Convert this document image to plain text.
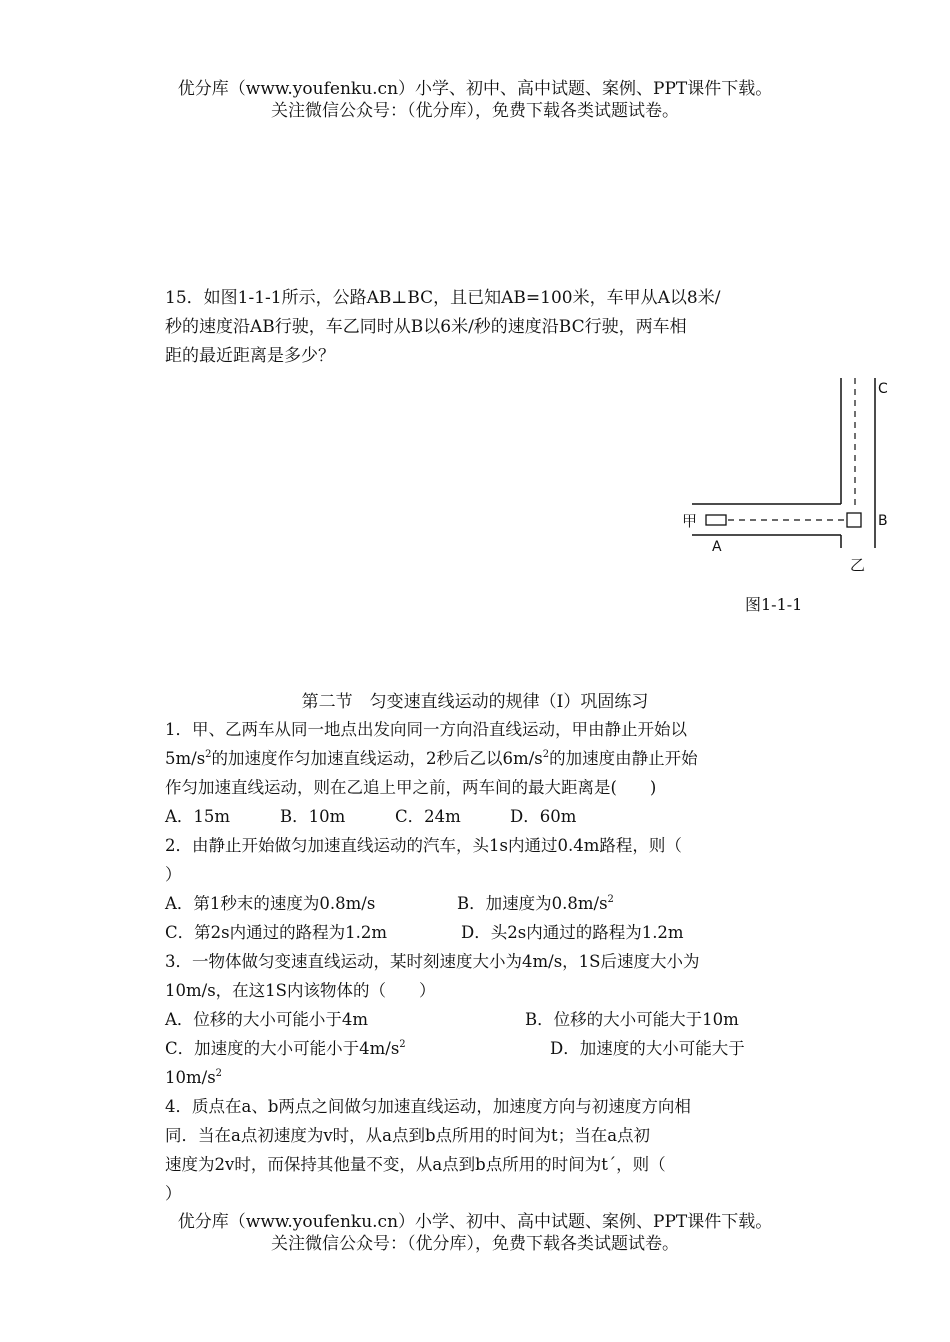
优分库（www.youfenku.cn）小学、初中、高中试题、案例、PPT课件下载。
关注微信公众号：（优分库），免费下载各类试题试卷。
15．如图1-1-1所示，公路AB⊥BC，且已知AB=100米，车甲从A以8米/
秒的速度沿AB行驶，车乙同时从B以6米/秒的速度沿BC行驶，两车相
距的最近距离是多少？
C
B
A
甲
乙
图1-1-1
第二节　匀变速直线运动的规律（Ⅰ）巩固练习
1．甲、乙两车从同一地点出发向同一方向沿直线运动，甲由静止开始以
$5m/s^2$的加速度作匀加速直线运动，2秒后乙以$6m/s^2$的加速度由静止开始
作匀加速直线运动，则在乙追上甲之前，两车间的最大距离是(　　)
A．15m	B．10m	C．24m	D．60m
2．由静止开始做匀加速直线运动的汽车，头1s内通过0.4m路程，则（
）
A．第1秒末的速度为0.8m/s	B．加速度为$0.8m/s^2$
C．第2s内通过的路程为1.2m	D．头2s内通过的路程为1.2m
3．一物体做匀变速直线运动，某时刻速度大小为4m/s，1S后速度大小为
10m/s，在这1S内该物体的（　　）
A．位移的大小可能小于4m	B．位移的大小可能大于10m
C．加速度的大小可能小于$4m/s^2$	D．加速度的大小可能大于
$10m/s^2$
4．质点在a、b两点之间做匀加速直线运动，加速度方向与初速度方向相
同．当在a点初速度为v时，从a点到b点所用的时间为t；当在a点初
速度为2v时，而保持其他量不变，从a点到b点所用的时间为t´，则（
）
优分库（www.youfenku.cn）小学、初中、高中试题、案例、PPT课件下载。
关注微信公众号：（优分库），免费下载各类试题试卷。
